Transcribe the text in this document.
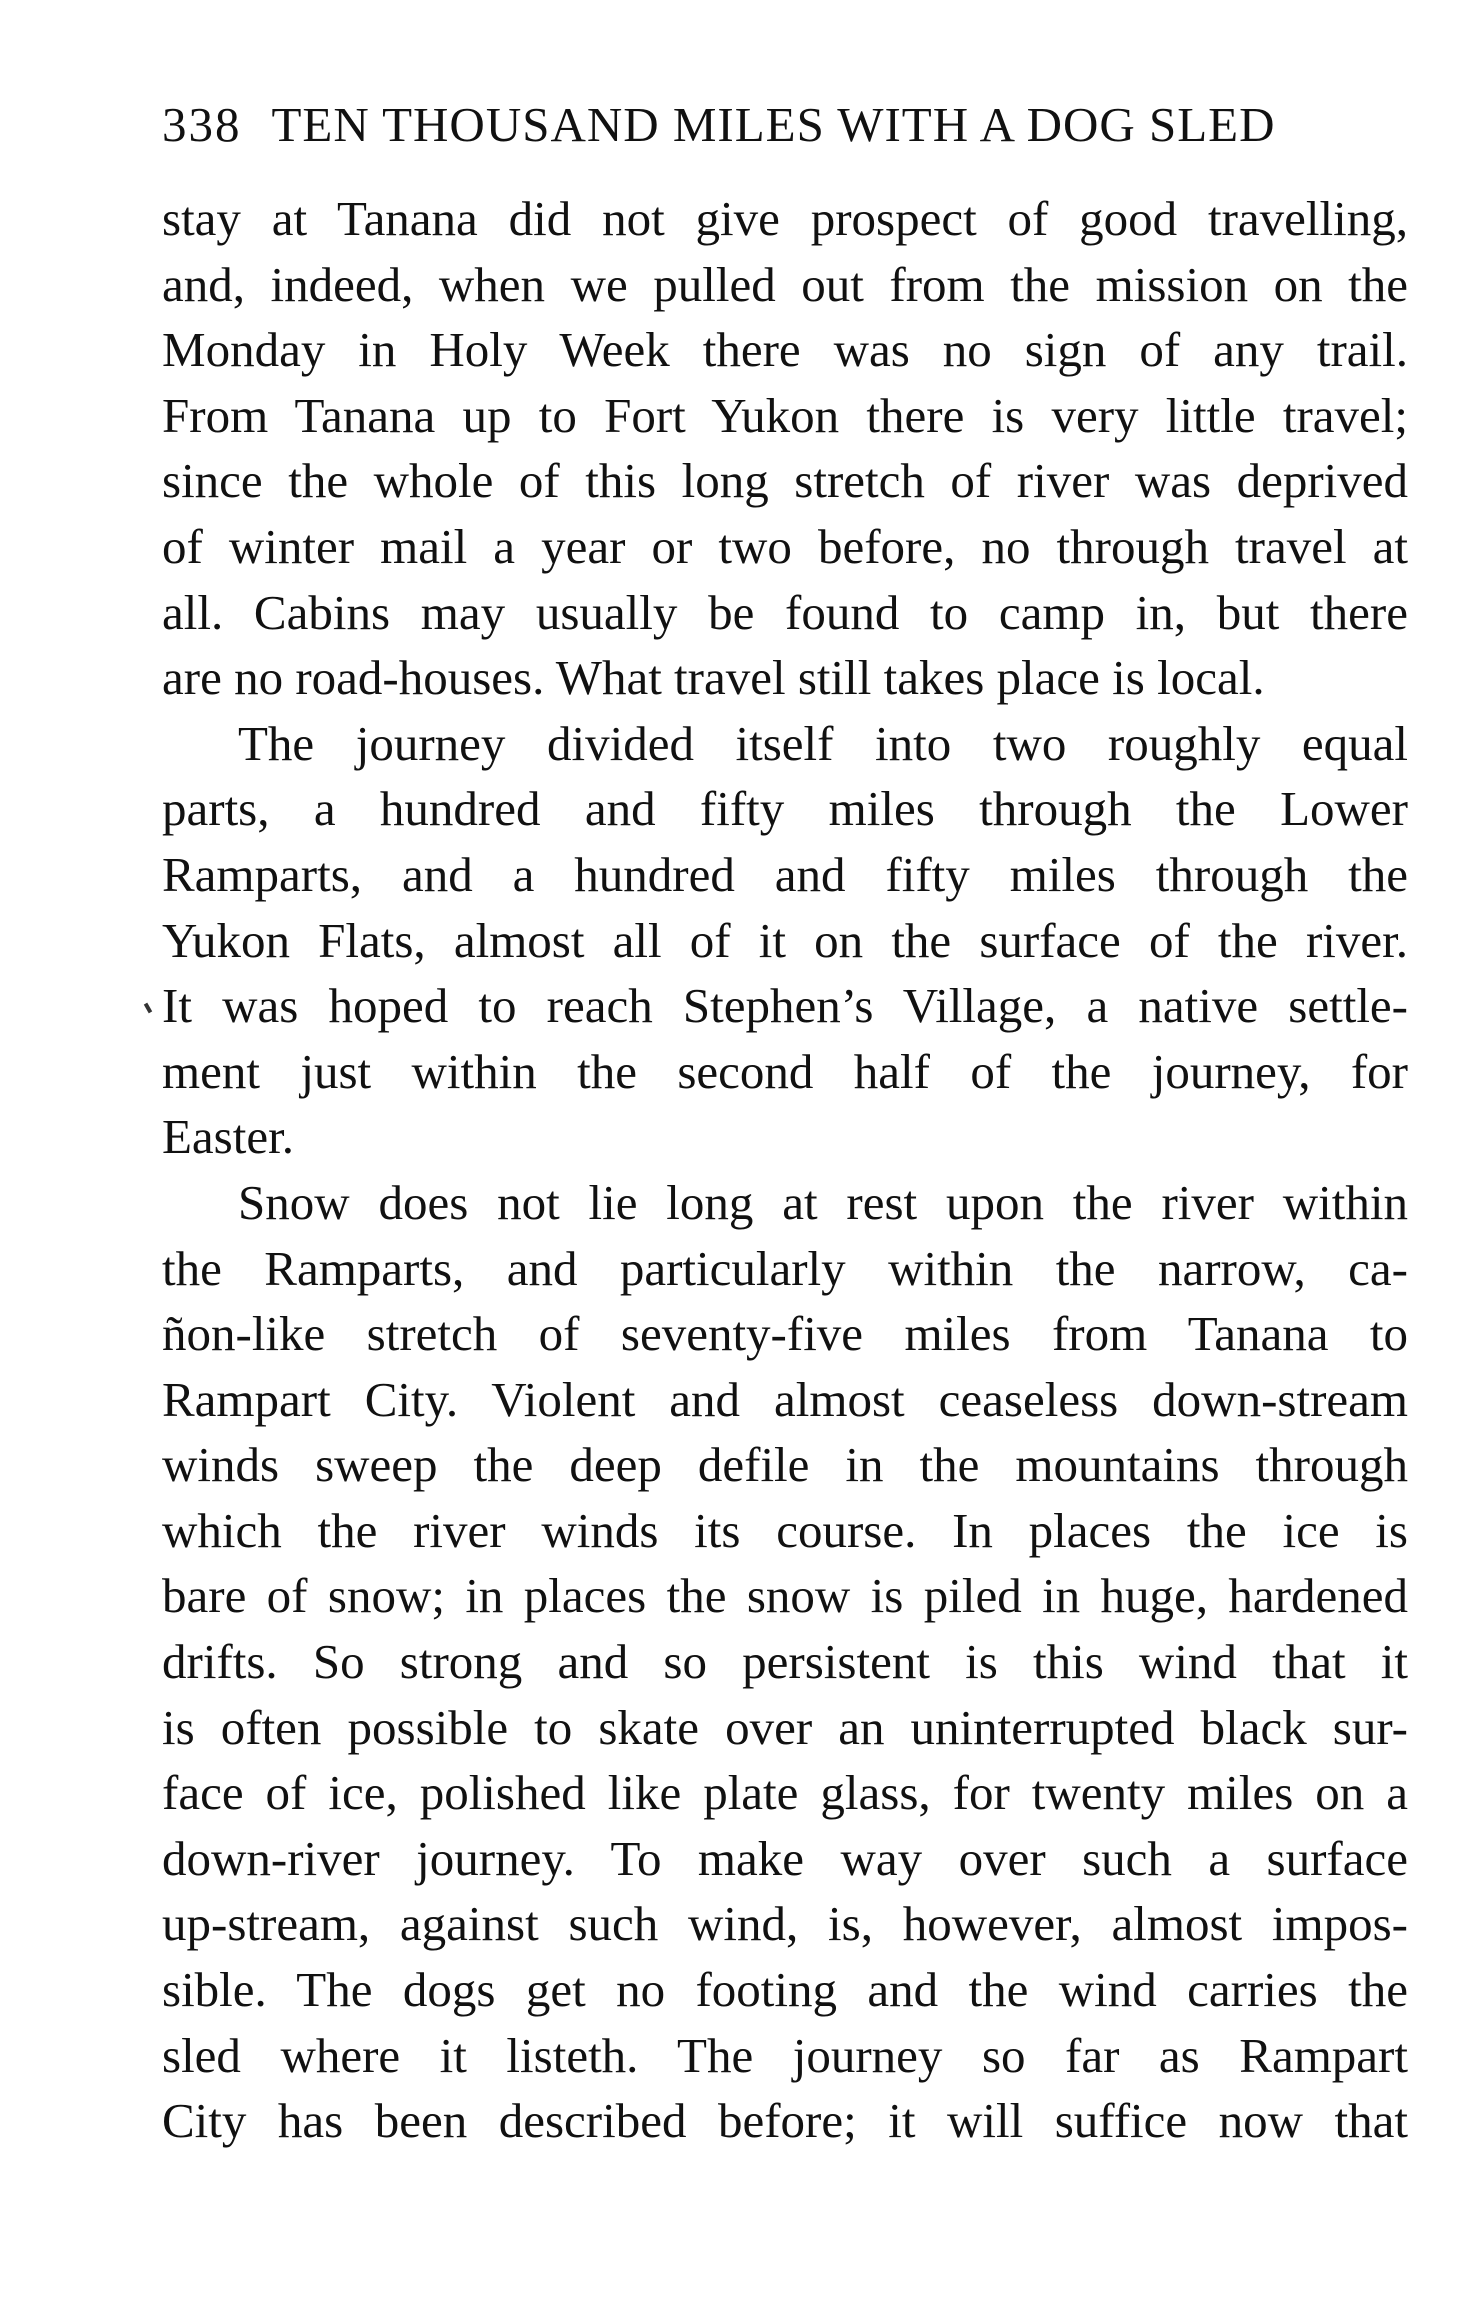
338 TEN THOUSAND MILES WITH A DOG SLED
stay at Tanana did not give prospect of good travelling,
and, indeed, when we pulled out from the mission on the
Monday in Holy Week there was no sign of any trail.
From Tanana up to Fort Yukon there is very little travel;
since the whole of this long stretch of river was deprived
of winter mail a year or two before, no through travel at
all. Cabins may usually be found to camp in, but there
are no road-houses. What travel still takes place is local.
The journey divided itself into two roughly equal
parts, a hundred and fifty miles through the Lower
Ramparts, and a hundred and fifty miles through the
Yukon Flats, almost all of it on the surface of the river.
It was hoped to reach Stephen’s Village, a native settle-
ment just within the second half of the journey, for
Easter.
Snow does not lie long at rest upon the river within
the Ramparts, and particularly within the narrow, ca-
ñon-like stretch of seventy-five miles from Tanana to
Rampart City. Violent and almost ceaseless down-stream
winds sweep the deep defile in the mountains through
which the river winds its course. In places the ice is
bare of snow; in places the snow is piled in huge, hardened
drifts. So strong and so persistent is this wind that it
is often possible to skate over an uninterrupted black sur-
face of ice, polished like plate glass, for twenty miles on a
down-river journey. To make way over such a surface
up-stream, against such wind, is, however, almost impos-
sible. The dogs get no footing and the wind carries the
sled where it listeth. The journey so far as Rampart
City has been described before; it will suffice now that
